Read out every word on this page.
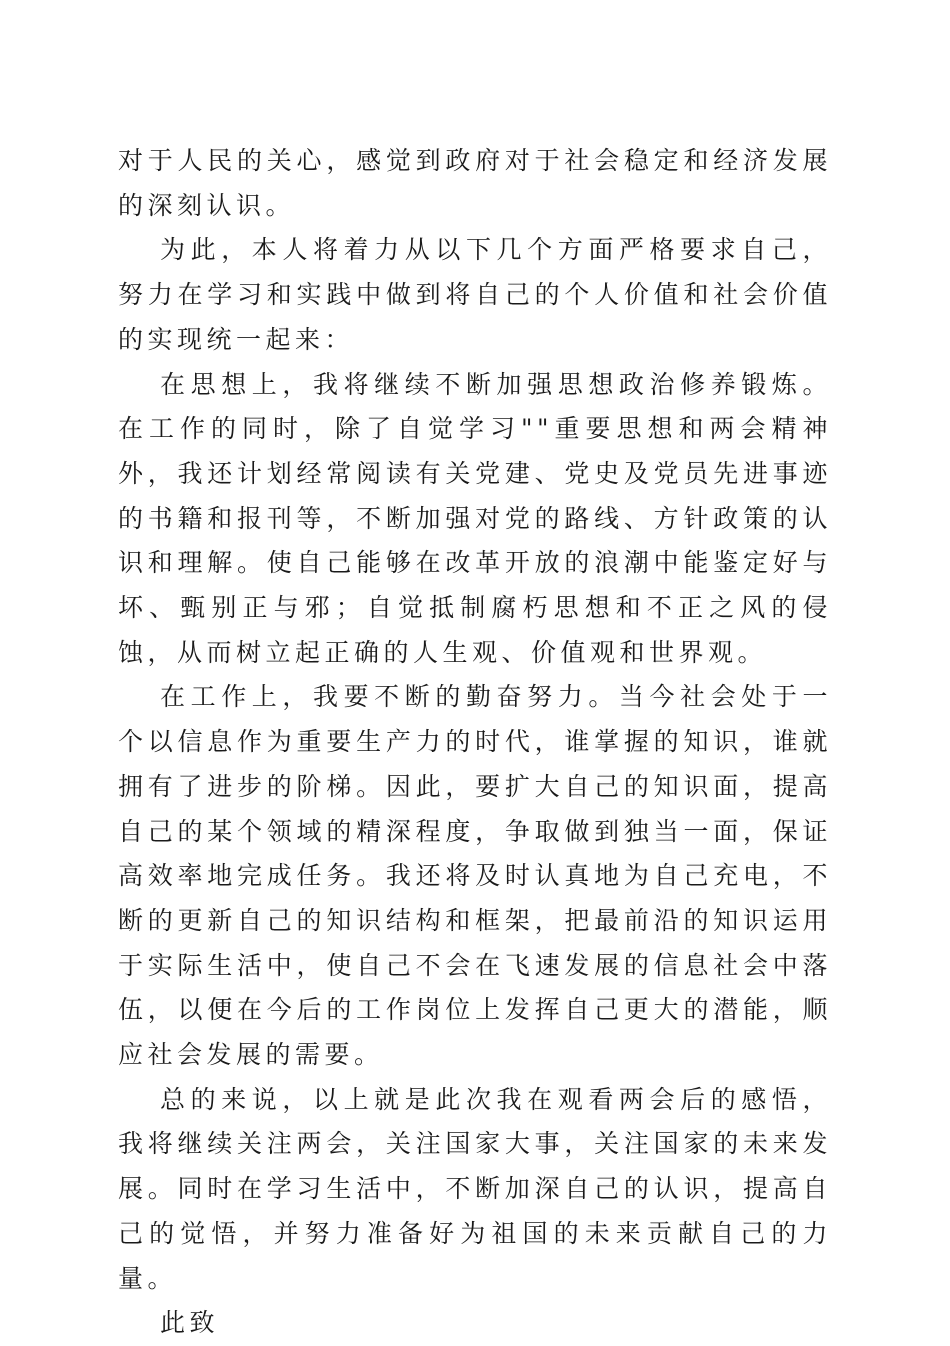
对于人民的关心，感觉到政府对于社会稳定和经济发展的深刻认识。

为此，本人将着力从以下几个方面严格要求自己，努力在学习和实践中做到将自己的个人价值和社会价值的实现统一起来：

在思想上，我将继续不断加强思想政治修养锻炼。在工作的同时，除了自觉学习""重要思想和两会精神外，我还计划经常阅读有关党建、党史及党员先进事迹的书籍和报刊等，不断加强对党的路线、方针政策的认识和理解。使自己能够在改革开放的浪潮中能鉴定好与坏、甄别正与邪；自觉抵制腐朽思想和不正之风的侵蚀，从而树立起正确的人生观、价值观和世界观。

在工作上，我要不断的勤奋努力。当今社会处于一个以信息作为重要生产力的时代，谁掌握的知识，谁就拥有了进步的阶梯。因此，要扩大自己的知识面，提高自己的某个领域的精深程度，争取做到独当一面，保证高效率地完成任务。我还将及时认真地为自己充电，不断的更新自己的知识结构和框架，把最前沿的知识运用于实际生活中，使自己不会在飞速发展的信息社会中落伍，以便在今后的工作岗位上发挥自己更大的潜能，顺应社会发展的需要。

总的来说，以上就是此次我在观看两会后的感悟，我将继续关注两会，关注国家大事，关注国家的未来发展。同时在学习生活中，不断加深自己的认识，提高自己的觉悟，并努力准备好为祖国的未来贡献自己的力量。

此致
